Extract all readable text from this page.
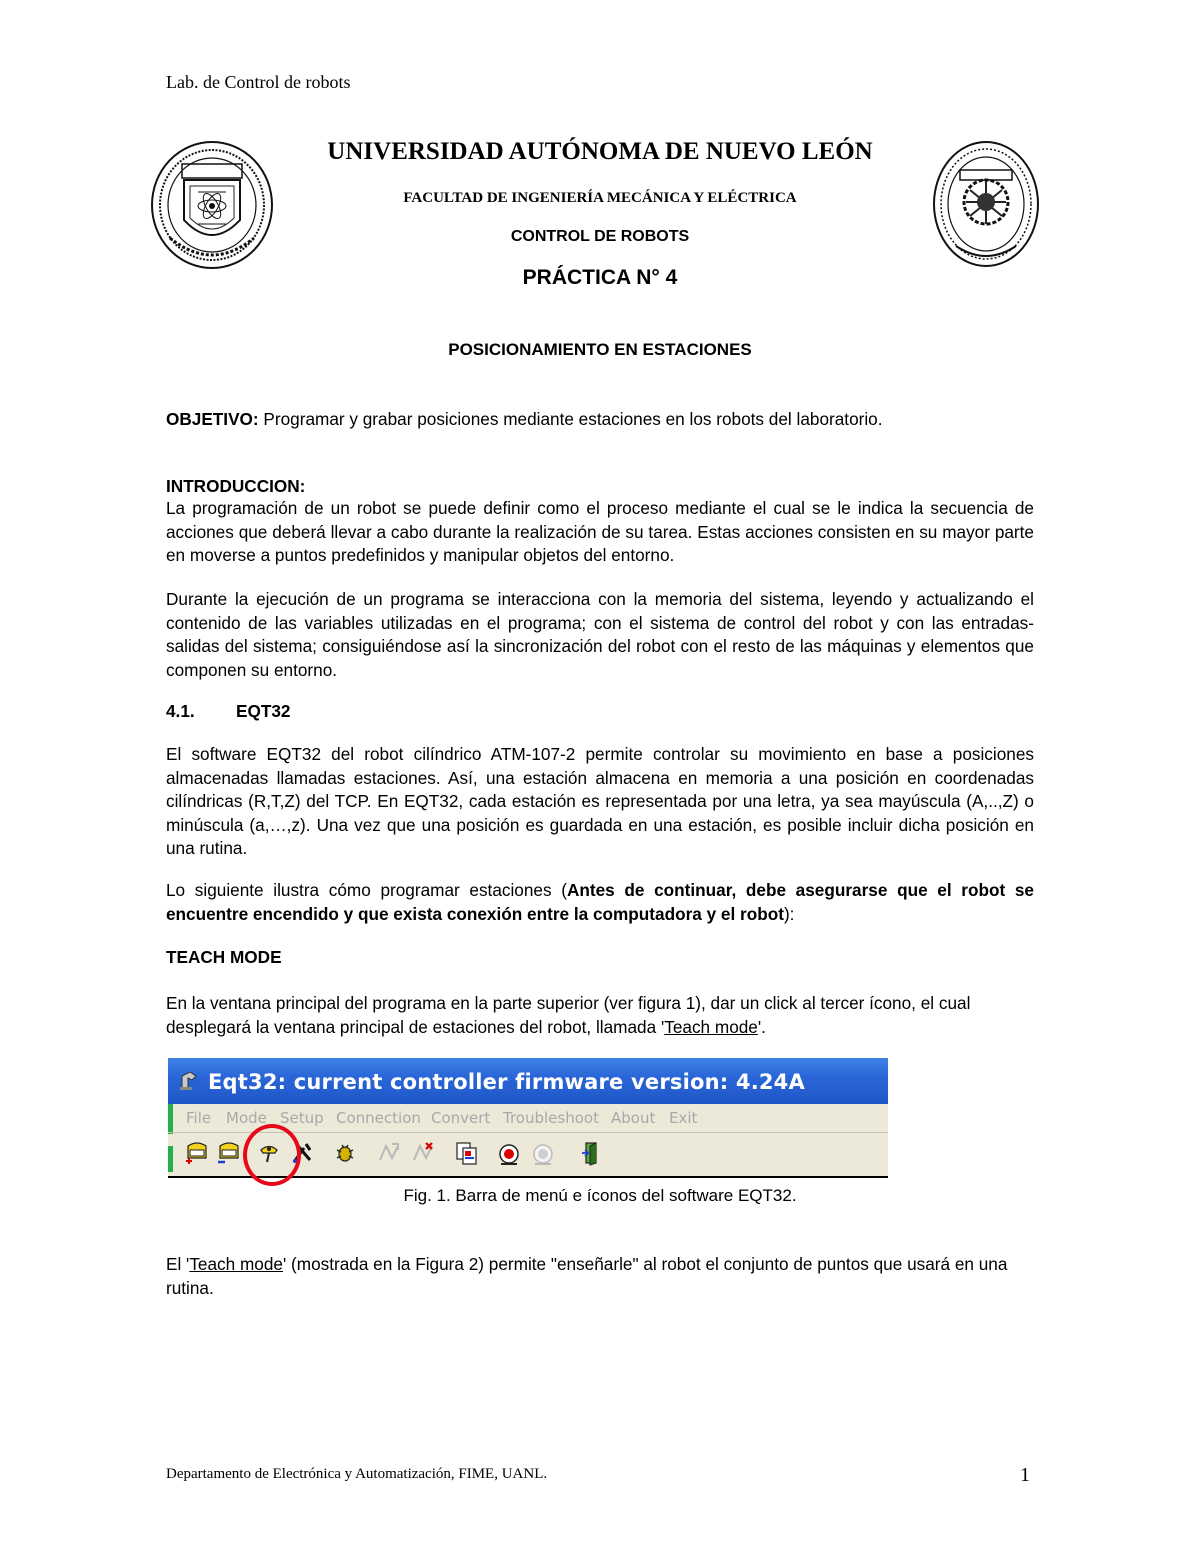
Lab. de Control de robots
UNIVERSIDAD AUTÓNOMA DE NUEVO LEÓN
FACULTAD DE INGENIERÍA MECÁNICA Y ELÉCTRICA
CONTROL DE ROBOTS
PRÁCTICA N° 4
POSICIONAMIENTO EN ESTACIONES
OBJETIVO: Programar y grabar posiciones mediante estaciones en los robots del laboratorio.
INTRODUCCION:
La programación de un robot se puede definir como el proceso mediante el cual se le indica la secuencia de acciones que deberá llevar a cabo durante la realización de su tarea. Estas acciones consisten en su mayor parte en moverse a puntos predefinidos y manipular objetos del entorno.
Durante la ejecución de un programa se interacciona con la memoria del sistema, leyendo y actualizando el contenido de las variables utilizadas en el programa; con el sistema de control del robot y con las entradas-salidas del sistema; consiguiéndose así la sincronización del robot con el resto de las máquinas y elementos que componen su entorno.
4.1. EQT32
El software EQT32 del robot cilíndrico ATM-107-2 permite controlar su movimiento en base a posiciones almacenadas llamadas estaciones. Así, una estación almacena en memoria a una posición en coordenadas cilíndricas (R,T,Z) del TCP. En EQT32, cada estación es representada por una letra, ya sea mayúscula (A,..,Z) o minúscula (a,…,z). Una vez que una posición es guardada en una estación, es posible incluir dicha posición en una rutina.
Lo siguiente ilustra cómo programar estaciones (Antes de continuar, debe asegurarse que el robot se encuentre encendido y que exista conexión entre la computadora y el robot):
TEACH MODE
En la ventana principal del programa en la parte superior (ver figura 1), dar un click al tercer ícono, el cual desplegará la ventana principal de estaciones del robot, llamada 'Teach mode'.
Eqt32: current controller firmware version: 4.24A
File Mode Setup Connection Convert Troubleshoot About Exit
Fig. 1. Barra de menú e íconos del software EQT32.
El 'Teach mode' (mostrada en la Figura 2) permite "enseñarle" al robot el conjunto de puntos que usará en una rutina.
Departamento de Electrónica y Automatización, FIME, UANL.	1
